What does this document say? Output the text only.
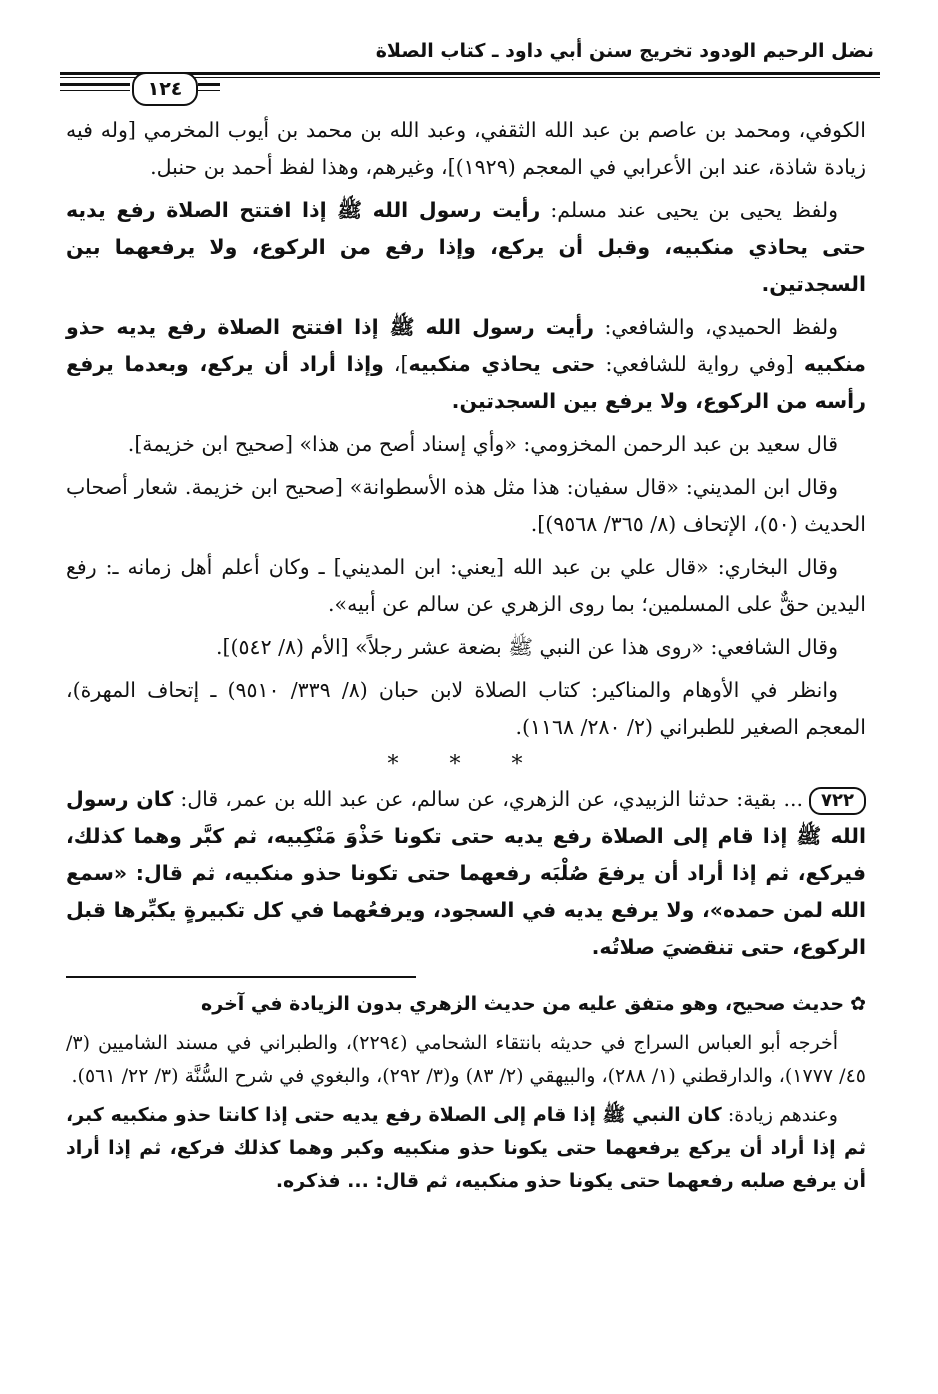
نضل الرحيم الودود تخريج سنن أبي داود ـ كتاب الصلاة
١٢٤

الكوفي، ومحمد بن عاصم بن عبد الله الثقفي، وعبد الله بن محمد بن أيوب المخرمي [وله فيه زيادة شاذة، عند ابن الأعرابي في المعجم (١٩٢٩)]، وغيرهم، وهذا لفظ أحمد بن حنبل.

ولفظ يحيى بن يحيى عند مسلم: رأيت رسول الله ﷺ إذا افتتح الصلاة رفع يديه حتى يحاذي منكبيه، وقبل أن يركع، وإذا رفع من الركوع، ولا يرفعهما بين السجدتين.

ولفظ الحميدي، والشافعي: رأيت رسول الله ﷺ إذا افتتح الصلاة رفع يديه حذو منكبيه [وفي رواية للشافعي: حتى يحاذي منكبيه]، وإذا أراد أن يركع، وبعدما يرفع رأسه من الركوع، ولا يرفع بين السجدتين.

قال سعيد بن عبد الرحمن المخزومي: «وأي إسناد أصح من هذا» [صحيح ابن خزيمة].

وقال ابن المديني: «قال سفيان: هذا مثل هذه الأسطوانة» [صحيح ابن خزيمة. شعار أصحاب الحديث (٥٠)، الإتحاف (٨/ ٣٦٥/ ٩٥٦٨)].

وقال البخاري: «قال علي بن عبد الله [يعني: ابن المديني] ـ وكان أعلم أهل زمانه ـ: رفع اليدين حقٌّ على المسلمين؛ بما روى الزهري عن سالم عن أبيه».

وقال الشافعي: «روى هذا عن النبي ﷺ بضعة عشر رجلاً» [الأم (٨/ ٥٤٢)].

وانظر في الأوهام والمناكير: كتاب الصلاة لابن حبان (٨/ ٣٣٩/ ٩٥١٠) ـ إتحاف المهرة)، المعجم الصغير للطبراني (٢/ ٢٨٠/ ١١٦٨).

* * *

٧٢٢... بقية: حدثنا الزبيدي، عن الزهري، عن سالم، عن عبد الله بن عمر، قال: كان رسول الله ﷺ إذا قام إلى الصلاة رفع يديه حتى تكونا حَذْوَ مَنْكِبيه، ثم كبَّر وهما كذلك، فيركع، ثم إذا أراد أن يرفعَ صُلْبَه رفعهما حتى تكونا حذو منكبيه، ثم قال: «سمع الله لمن حمده»، ولا يرفع يديه في السجود، ويرفعُهما في كل تكبيرةٍ يكبِّرها قبل الركوع، حتى تنقضيَ صلاتُه.

✿حديث صحيح، وهو متفق عليه من حديث الزهري بدون الزيادة في آخره

أخرجه أبو العباس السراج في حديثه بانتقاء الشحامي (٢٢٩٤)، والطبراني في مسند الشاميين (٣/ ٤٥/ ١٧٧٧)، والدارقطني (١/ ٢٨٨)، والبيهقي (٢/ ٨٣) و(٣/ ٢٩٢)، والبغوي في شرح السُّنَّة (٣/ ٢٢/ ٥٦١).

وعندهم زيادة: كان النبي ﷺ إذا قام إلى الصلاة رفع يديه حتى إذا كانتا حذو منكبيه كبر، ثم إذا أراد أن يركع يرفعهما حتى يكونا حذو منكبيه وكبر وهما كذلك فركع، ثم إذا أراد أن يرفع صلبه رفعهما حتى يكونا حذو منكبيه، ثم قال: ... فذكره.
